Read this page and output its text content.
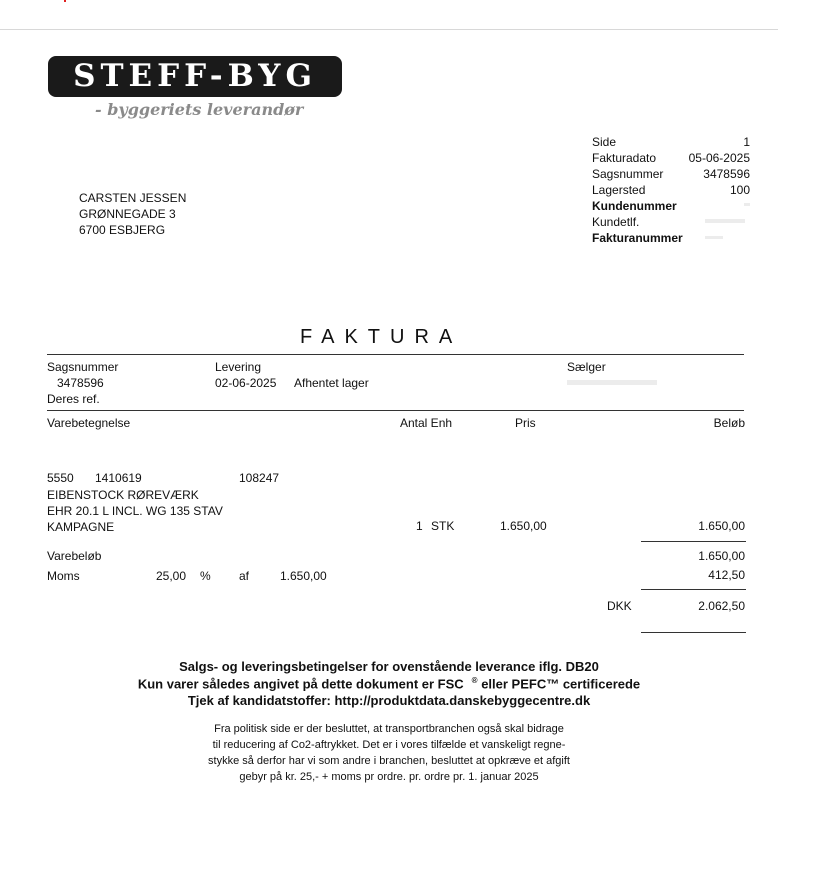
STEFF-BYG
- byggeriets leverandør
Side	1
Fakturadato	05-06-2025
Sagsnummer	3478596
Lagersted	100
Kundenummer
Kundetlf.
Fakturanummer
CARSTEN JESSEN
GRØNNEGADE 3
6700 ESBJERG
FAKTURA
Sagsnummer
3478596
Deres ref.
Levering
02-06-2025 Afhentet lager
Sælger
Varebetegnelse	Antal Enh	Pris	Beløb
5550 1410619	108247
EIBENSTOCK RØREVÆRK
EHR 20.1 L INCL. WG 135 STAV
KAMPAGNE	1 STK	1.650,00	1.650,00
Varebeløb	1.650,00
Moms	25,00 % af	1.650,00	412,50
DKK	2.062,50
Salgs- og leveringsbetingelser for ovenstående leverance iflg. DB20
Kun varer således angivet på dette dokument er FSC ® eller PEFC™ certificerede
Tjek af kandidatstoffer: http://produktdata.danskebyggecentre.dk
Fra politisk side er der besluttet, at transportbranchen også skal bidrage
til reducering af Co2-aftrykket. Det er i vores tilfælde et vanskeligt regne-
stykke så derfor har vi som andre i branchen, besluttet at opkræve et afgift
gebyr på kr. 25,- + moms pr ordre. pr. ordre pr. 1. januar 2025
